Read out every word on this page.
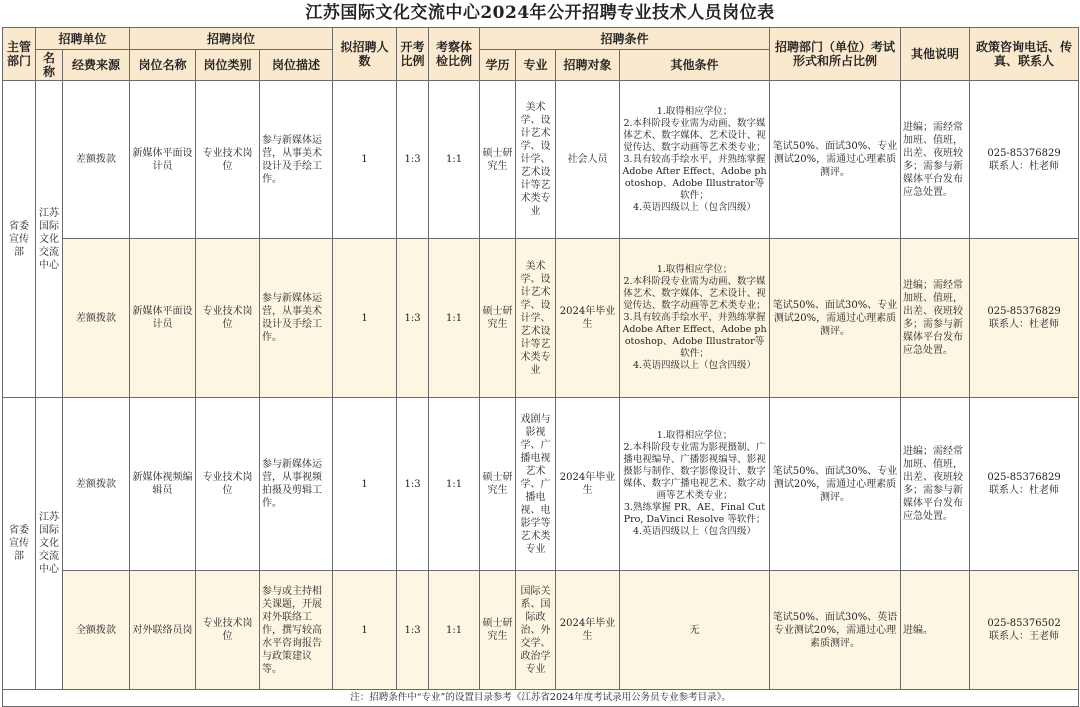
江苏国际文化交流中心2024年公开招聘专业技术人员岗位表
主管部门	招聘单位		招聘岗位			拟招聘人数	开考比例	考察体检比例	招聘条件				招聘部门（单位）考试形式和所占比例	其他说明	政策咨询电话、传真、联系人
	名称	经费来源	岗位名称	岗位类别	岗位描述				学历	专业	招聘对象	其他条件			
省委宣传部	江苏国际文化交流中心	差额拨款	新媒体平面设计员	专业技术岗位	参与新媒体运营，从事美术设计及手绘工作。	1	1:3	1:1	硕士研究生	美术学、设计艺术学、设计学、艺术设计等艺术类专业	社会人员	1.取得相应学位；
2.本科阶段专业需为动画、数字媒体艺术、数字媒体、艺术设计、视觉传达、数字动画等艺术类专业；
3.具有较高手绘水平，并熟练掌握Adobe After Effect、Adobe photoshop、Adobe Illustrator等软件；
4.英语四级以上（包含四级）	笔试50%、面试30%、专业测试20%，需通过心理素质测评。	进编；需经常加班、值班，出差、夜班较多；需参与新媒体平台发布应急处置。	025-85376829
联系人：杜老师
		差额拨款	新媒体平面设计员	专业技术岗位	参与新媒体运营，从事美术设计及手绘工作。	1	1:3	1:1	硕士研究生	美术学、设计艺术学、设计学、艺术设计等艺术类专业	2024年毕业生	1.取得相应学位；
2.本科阶段专业需为动画、数字媒体艺术、数字媒体、艺术设计、视觉传达、数字动画等艺术类专业；
3.具有较高手绘水平，并熟练掌握Adobe After Effect、Adobe photoshop、Adobe Illustrator等软件；
4.英语四级以上（包含四级）	笔试50%、面试30%、专业测试20%，需通过心理素质测评。	进编；需经常加班、值班，出差、夜班较多；需参与新媒体平台发布应急处置。	025-85376829
联系人：杜老师
省委宣传部	江苏国际文化交流中心	差额拨款	新媒体视频编辑员	专业技术岗位	参与新媒体运营，从事视频拍摄及剪辑工作。	1	1:3	1:1	硕士研究生	戏剧与影视学、广播电视艺术学、广播电视、电影学等艺术类专业	2024年毕业生	1.取得相应学位；
2.本科阶段专业需为影视摄制、广播电视编导、广播影视编导、影视摄影与制作、数字影像设计、数字媒体、数字广播电视艺术、数字动画等艺术类专业；
3.熟练掌握 PR、AE、Final Cut Pro, DaVinci Resolve 等软件；
4.英语四级以上（包含四级）	笔试50%、面试30%、专业测试20%，需通过心理素质测评。	进编；需经常加班、值班，出差、夜班较多；需参与新媒体平台发布应急处置。	025-85376829
联系人：杜老师
		全额拨款	对外联络员岗	专业技术岗位	参与或主持相关课题，开展对外联络工作，撰写较高水平咨询报告与政策建议等。	1	1:3	1:1	硕士研究生	国际关系、国际政治、外交学、政治学专业	2024年毕业生	无	笔试50%、面试30%、英语专业测试20%，需通过心理素质测评。	进编。	025-85376502
联系人：王老师
注：招聘条件中“专业”的设置目录参考《江苏省2024年度考试录用公务员专业参考目录》。															
